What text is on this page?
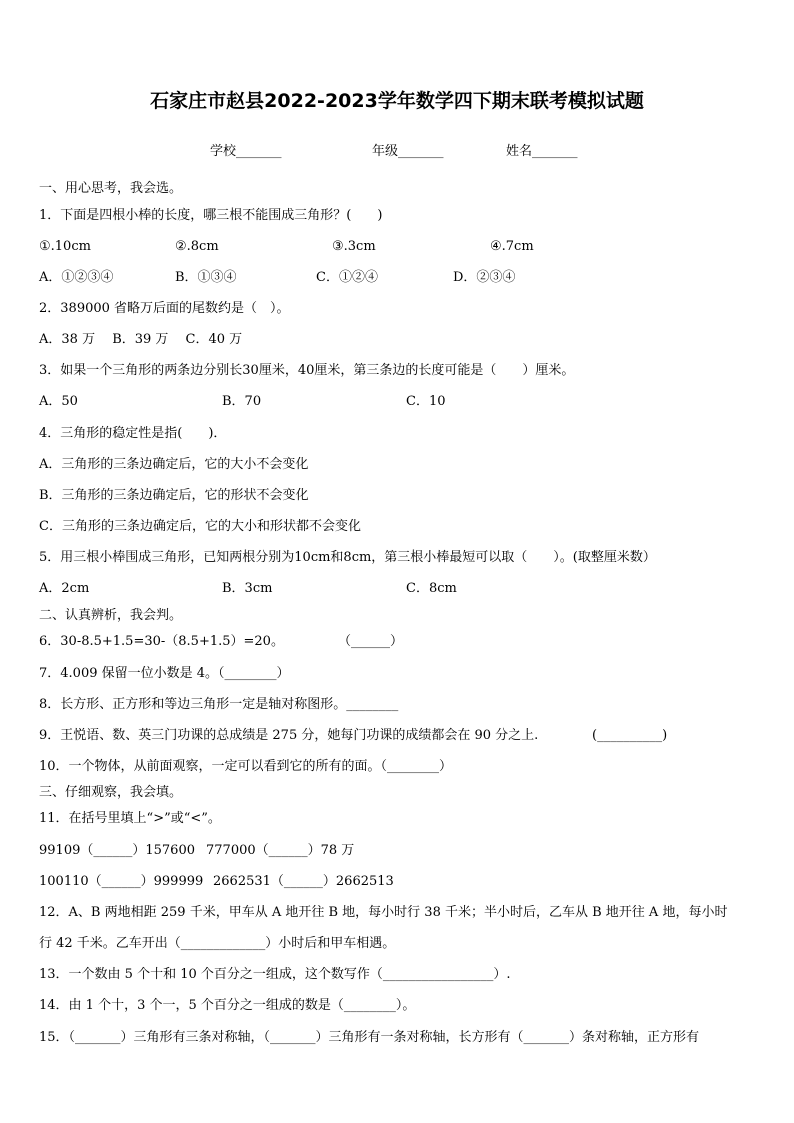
石家庄市赵县2022-2023学年数学四下期末联考模拟试题
学校_______	年级_______	姓名_______
一、用心思考，我会选。
1．下面是四根小棒的长度，哪三根不能围成三角形？(　　)
①.10cm	②.8cm	③.3cm	④.7cm
A．①②③④	B．①③④	C．①②④	D．②③④
2．389000 省略万后面的尾数约是（　）。
A．38 万　 B．39 万　 C．40 万
3．如果一个三角形的两条边分别长30厘米，40厘米，第三条边的长度可能是（　　）厘米。
A．50	B．70	C．10
4．三角形的稳定性是指(　　)．
A．三角形的三条边确定后，它的大小不会变化
B．三角形的三条边确定后，它的形状不会变化
C．三角形的三条边确定后，它的大小和形状都不会变化
5．用三根小棒围成三角形，已知两根分别为10cm和8cm，第三根小棒最短可以取（　　）。(取整厘米数）
A．2cm	B．3cm	C．8cm
二、认真辨析，我会判。
6．30-8.5+1.5=30-（8.5+1.5）=20。	（______）
7．4.009 保留一位小数是 4。（________）
8．长方形、正方形和等边三角形一定是轴对称图形。________
9．王悦语、数、英三门功课的总成绩是 275 分，她每门功课的成绩都会在 90 分之上.	(__________)
10．一个物体，从前面观察，一定可以看到它的所有的面。（________）
三、仔细观察，我会填。
11．在括号里填上“>”或“<”。
99109（______）157600 777000（______）78 万
100110（______）999999 2662531（______）2662513
12．A、B 两地相距 259 千米，甲车从 A 地开往 B 地，每小时行 38 千米；半小时后，乙车从 B 地开往 A 地，每小时
行 42 千米。乙车开出（_____________）小时后和甲车相遇。
13．一个数由 5 个十和 10 个百分之一组成，这个数写作（_________________）.
14．由 1 个十，3 个一，5 个百分之一组成的数是（________）。
15．（_______）三角形有三条对称轴，（_______）三角形有一条对称轴，长方形有（_______）条对称轴，正方形有
